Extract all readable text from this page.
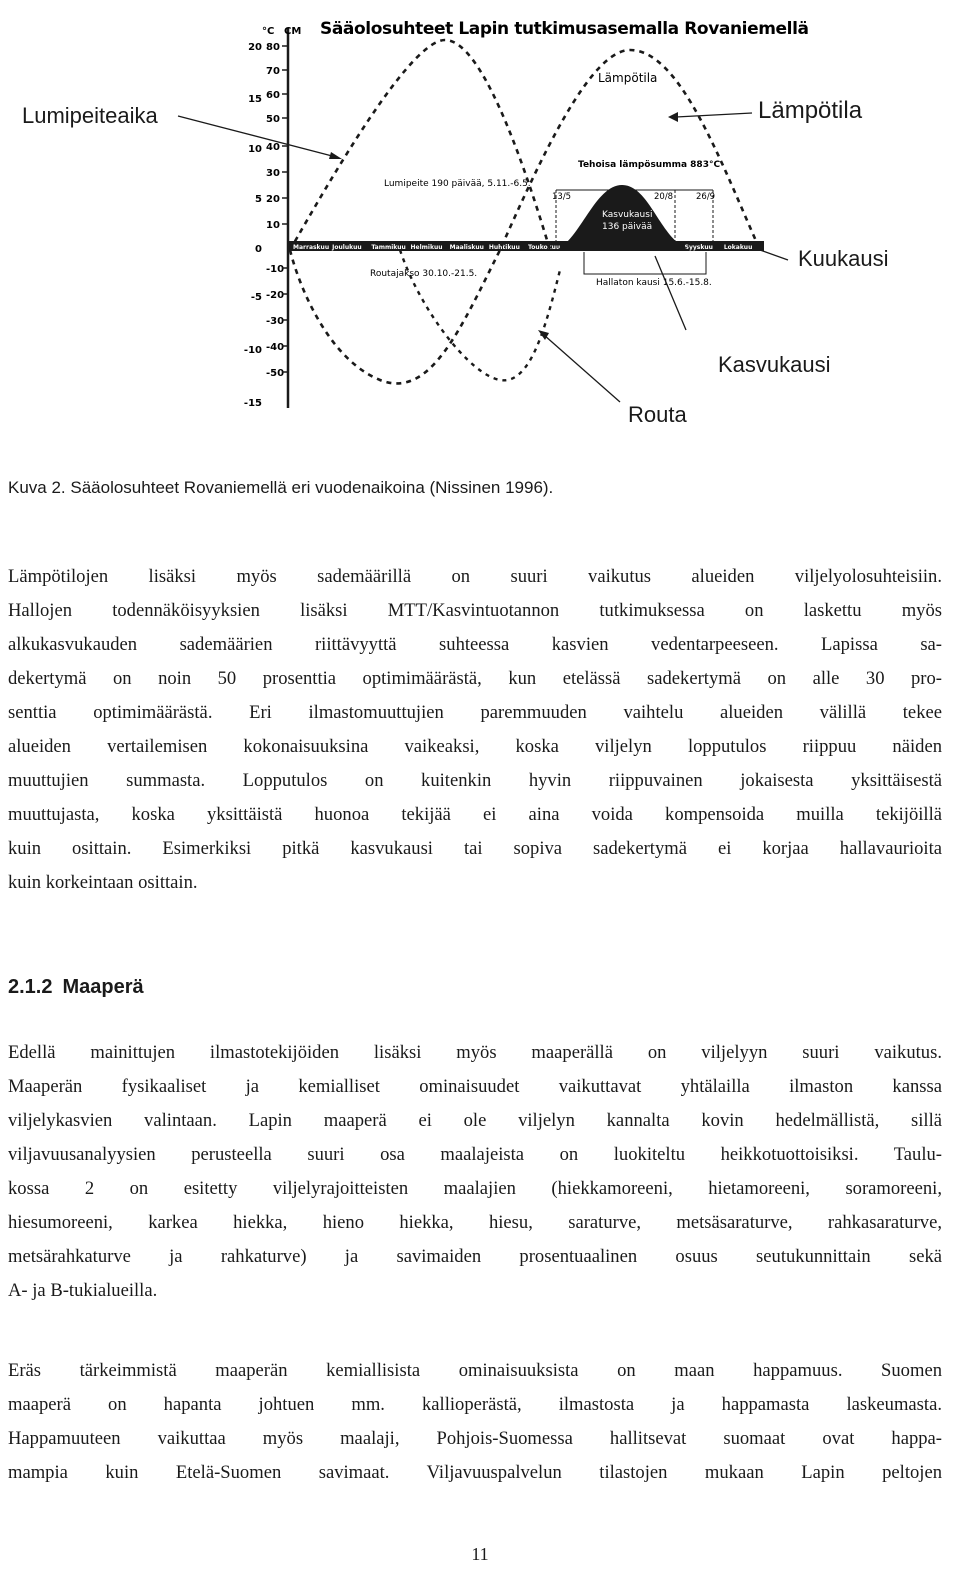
°C CM Sääolosuhteet Lapin tutkimusasemalla Rovaniemellä
20
15
10
5
0
-5
-10
-15
80
70
60
50
40
30
20
10
-10
-20
-30
-40
-50
Marraskuu Joulukuu Tammikuu Helmikuu Maaliskuu Huhtikuu Toukokuu	Syyskuu Lokakuu
Lämpötila
Lumipeite 190 päivää, 5.11.-6.5.
Tehoisa lämpösumma 883°C
13/5	20/8	26/9
Kasvukausi
136 päivää
Routajakso 30.10.-21.5.
Hallaton kausi 15.6.-15.8.
Lumipeiteaika	Lämpötila
Kuukausi
Kasvukausi
Routa
Kuva 2. Sääolosuhteet Rovaniemellä eri vuodenaikoina (Nissinen 1996).
Lämpötilojen lisäksi myös sademäärillä on suuri vaikutus alueiden viljelyolosuhteisiin.
Hallojen todennäköisyyksien lisäksi MTT/Kasvintuotannon tutkimuksessa on laskettu myös
alkukasvukauden sademäärien riittävyyttä suhteessa kasvien vedentarpeeseen. Lapissa sa-
dekertymä on noin 50 prosenttia optimimäärästä, kun etelässä sadekertymä on alle 30 pro-
senttia optimimäärästä. Eri ilmastomuuttujien paremmuuden vaihtelu alueiden välillä tekee
alueiden vertailemisen kokonaisuuksina vaikeaksi, koska viljelyn lopputulos riippuu näiden
muuttujien summasta. Lopputulos on kuitenkin hyvin riippuvainen jokaisesta yksittäisestä
muuttujasta, koska yksittäistä huonoa tekijää ei aina voida kompensoida muilla tekijöillä
kuin osittain. Esimerkiksi pitkä kasvukausi tai sopiva sadekertymä ei korjaa hallavaurioita
kuin korkeintaan osittain.
2.1.2 Maaperä
Edellä mainittujen ilmastotekijöiden lisäksi myös maaperällä on viljelyyn suuri vaikutus.
Maaperän fysikaaliset ja kemialliset ominaisuudet vaikuttavat yhtälailla ilmaston kanssa
viljelykasvien valintaan. Lapin maaperä ei ole viljelyn kannalta kovin hedelmällistä, sillä
viljavuusanalyysien perusteella suuri osa maalajeista on luokiteltu heikkotuottoisiksi. Taulu-
kossa 2 on esitetty viljelyrajoitteisten maalajien (hiekkamoreeni, hietamoreeni, soramoreeni,
hiesumoreeni, karkea hiekka, hieno hiekka, hiesu, saraturve, metsäsaraturve, rahkasaraturve,
metsärahkaturve ja rahkaturve) ja savimaiden prosentuaalinen osuus seutukunnittain sekä
A- ja B-tukialueilla.
Eräs tärkeimmistä maaperän kemiallisista ominaisuuksista on maan happamuus. Suomen
maaperä on hapanta johtuen mm. kallioperästä, ilmastosta ja happamasta laskeumasta.
Happamuuteen vaikuttaa myös maalaji, Pohjois-Suomessa hallitsevat suomaat ovat happa-
mampia kuin Etelä-Suomen savimaat. Viljavuuspalvelun tilastojen mukaan Lapin peltojen
11
